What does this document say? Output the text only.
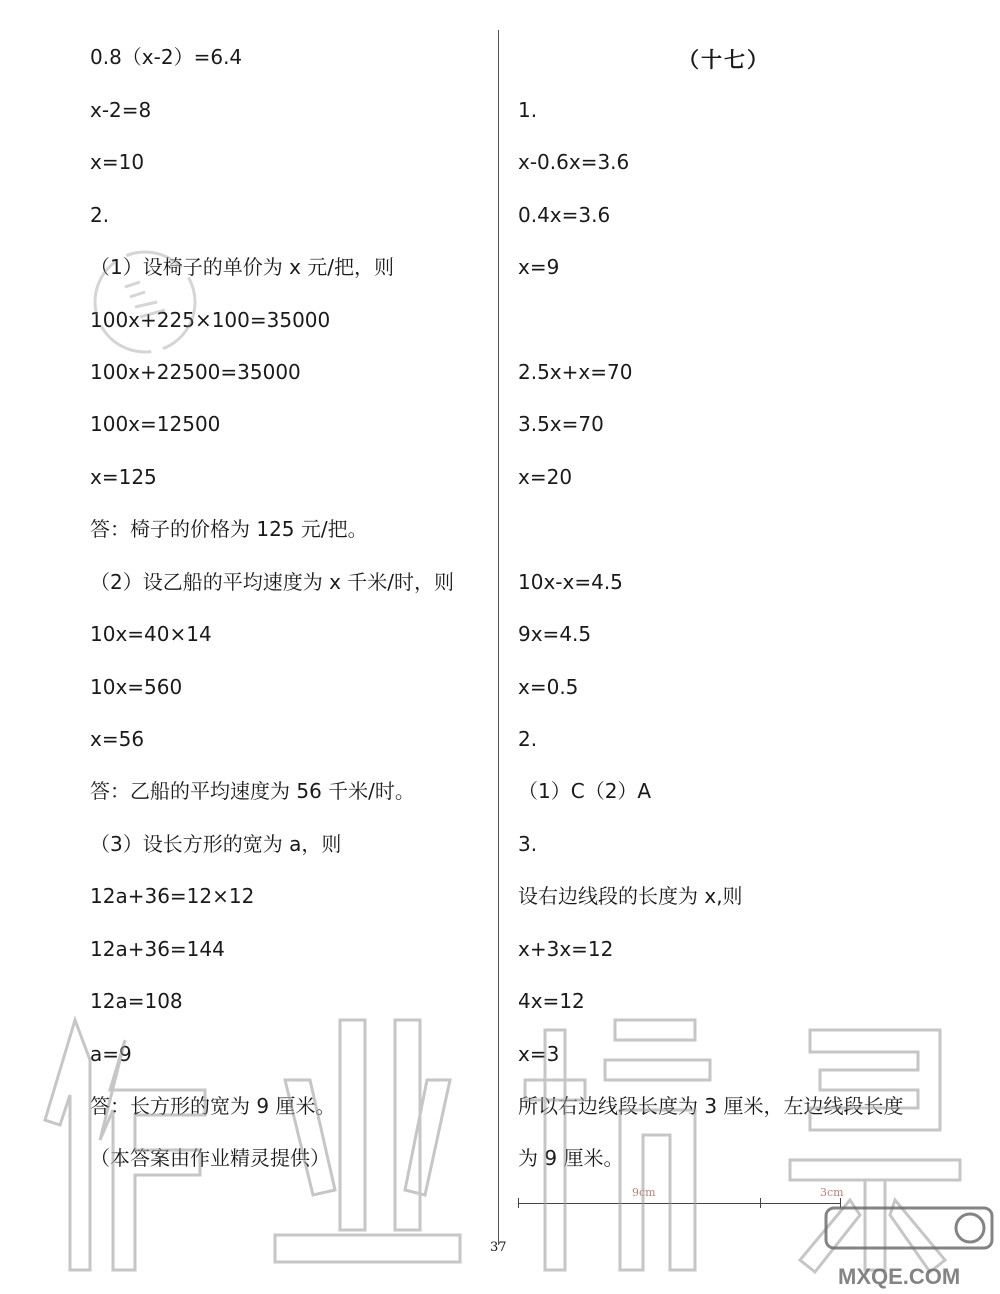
0.8（x-2）=6.4
x-2=8
x=10
2.
（1）设椅子的单价为 x 元/把，则
100x+225×100=35000
100x+22500=35000
100x=12500
x=125
答：椅子的价格为 125 元/把。
（2）设乙船的平均速度为 x 千米/时，则
10x=40×14
10x=560
x=56
答：乙船的平均速度为 56 千米/时。
（3）设长方形的宽为 a，则
12a+36=12×12
12a+36=144
12a=108
a=9
答：长方形的宽为 9 厘米。
（本答案由作业精灵提供）
（十七）
1.
x-0.6x=3.6
0.4x=3.6
x=9
2.5x+x=70
3.5x=70
x=20
10x-x=4.5
9x=4.5
x=0.5
2.
（1）C（2）A
3.
设右边线段的长度为 x,则
x+3x=12
4x=12
x=3
所以右边线段长度为 3 厘米，左边线段长度
为 9 厘米。
9cm	3cm
37
MXQE.COM
